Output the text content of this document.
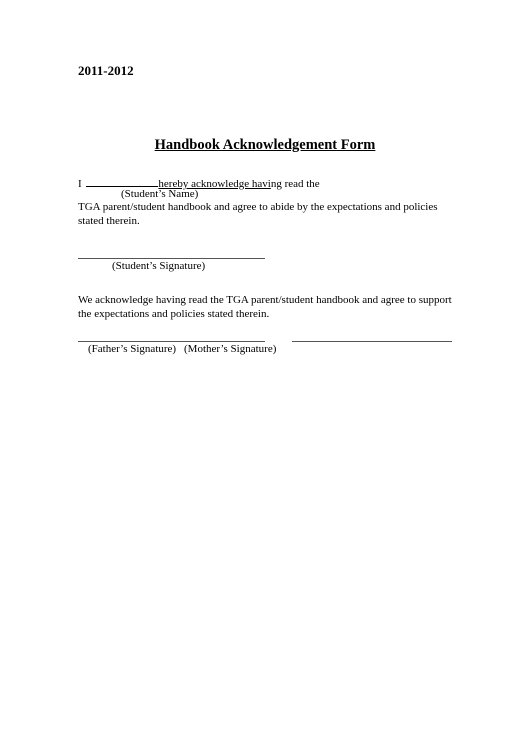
2011-2012
Handbook Acknowledgement Form
I	hereby acknowledge having read the
(Student’s Name)
TGA parent/student handbook and agree to abide by the expectations and policies stated therein.
(Student’s Signature)
We acknowledge having read the TGA parent/student handbook and agree to support the expectations and policies stated therein.
(Father’s Signature) (Mother’s Signature)
